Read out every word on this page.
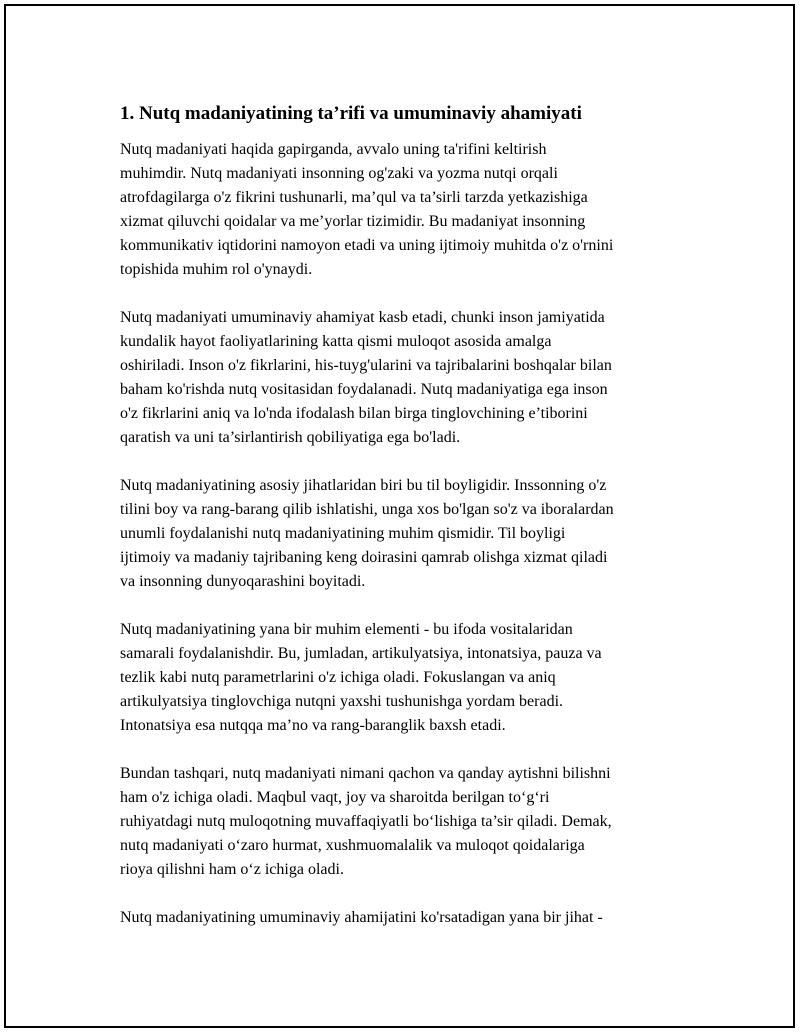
1. Nutq madaniyatining ta’rifi va umuminaviy ahamiyati

Nutq madaniyati haqida gapirganda, avvalo uning ta'rifini keltirish
muhimdir. Nutq madaniyati insonning og'zaki va yozma nutqi orqali
atrofdagilarga o'z fikrini tushunarli, ma’qul va ta’sirli tarzda yetkazishiga
xizmat qiluvchi qoidalar va me’yorlar tizimidir. Bu madaniyat insonning
kommunikativ iqtidorini namoyon etadi va uning ijtimoiy muhitda o'z o'rnini
topishida muhim rol o'ynaydi.

Nutq madaniyati umuminaviy ahamiyat kasb etadi, chunki inson jamiyatida
kundalik hayot faoliyatlarining katta qismi muloqot asosida amalga
oshiriladi. Inson o'z fikrlarini, his-tuyg'ularini va tajribalarini boshqalar bilan
baham ko'rishda nutq vositasidan foydalanadi. Nutq madaniyatiga ega inson
o'z fikrlarini aniq va lo'nda ifodalash bilan birga tinglovchining e’tiborini
qaratish va uni ta’sirlantirish qobiliyatiga ega bo'ladi.

Nutq madaniyatining asosiy jihatlaridan biri bu til boyligidir. Inssonning o'z
tilini boy va rang-barang qilib ishlatishi, unga xos bo'lgan so'z va iboralardan
unumli foydalanishi nutq madaniyatining muhim qismidir. Til boyligi
ijtimoiy va madaniy tajribaning keng doirasini qamrab olishga xizmat qiladi
va insonning dunyoqarashini boyitadi.

Nutq madaniyatining yana bir muhim elementi - bu ifoda vositalaridan
samarali foydalanishdir. Bu, jumladan, artikulyatsiya, intonatsiya, pauza va
tezlik kabi nutq parametrlarini o'z ichiga oladi. Fokuslangan va aniq
artikulyatsiya tinglovchiga nutqni yaxshi tushunishga yordam beradi.
Intonatsiya esa nutqqa ma’no va rang-baranglik baxsh etadi.

Bundan tashqari, nutq madaniyati nimani qachon va qanday aytishni bilishni
ham o'z ichiga oladi. Maqbul vaqt, joy va sharoitda berilgan to‘g‘ri
ruhiyatdagi nutq muloqotning muvaffaqiyatli bo‘lishiga ta’sir qiladi. Demak,
nutq madaniyati o‘zaro hurmat, xushmuomalalik va muloqot qoidalariga
rioya qilishni ham o‘z ichiga oladi.

Nutq madaniyatining umuminaviy ahamijatini ko'rsatadigan yana bir jihat -
